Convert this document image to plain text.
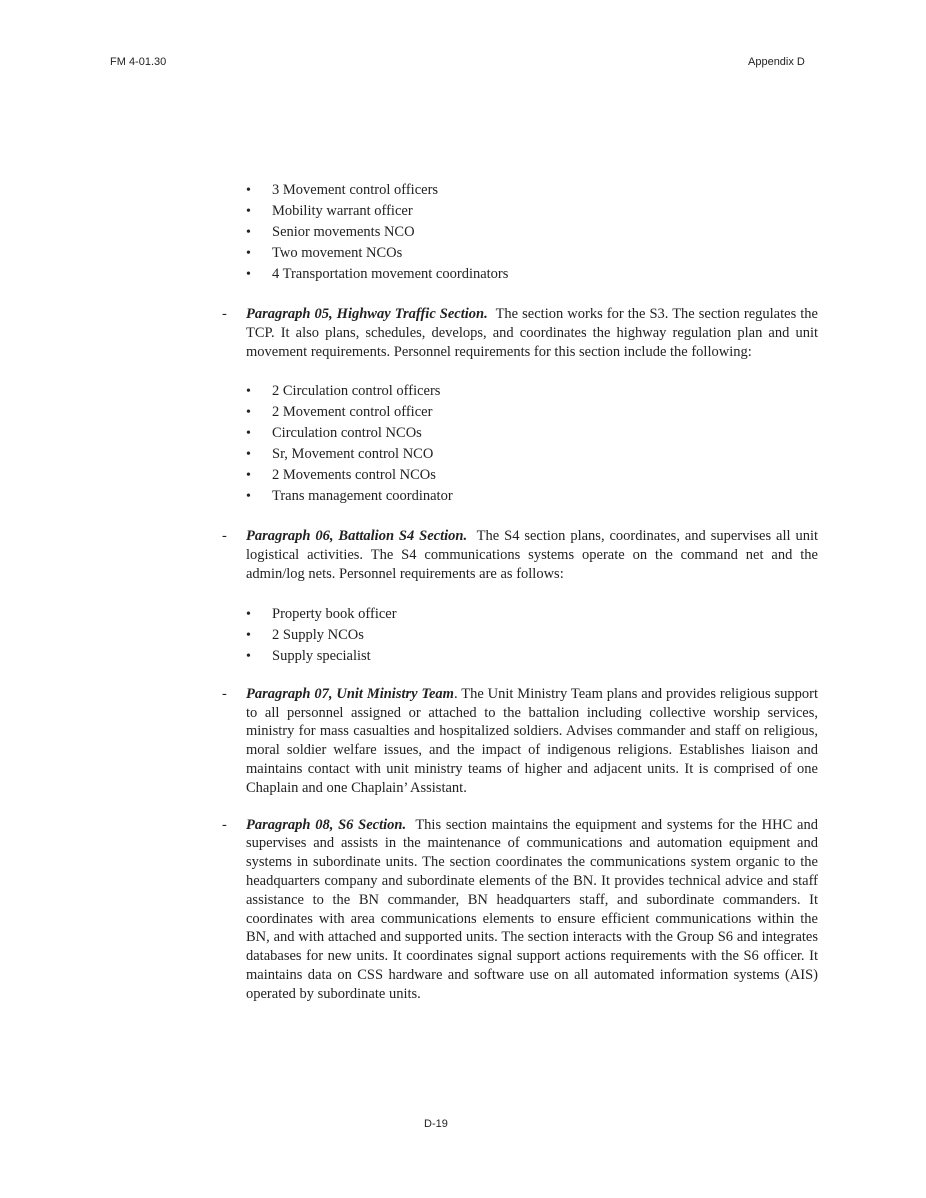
FM 4-01.30	Appendix D
• 3 Movement control officers
• Mobility warrant officer
• Senior movements NCO
• Two movement NCOs
• 4 Transportation movement coordinators
- Paragraph 05, Highway Traffic Section. The section works for the S3. The section regulates the TCP. It also plans, schedules, develops, and coordinates the highway regulation plan and unit movement requirements. Personnel requirements for this section include the following:
• 2 Circulation control officers
• 2 Movement control officer
• Circulation control NCOs
• Sr, Movement control NCO
• 2 Movements control NCOs
• Trans management coordinator
- Paragraph 06, Battalion S4 Section. The S4 section plans, coordinates, and supervises all unit logistical activities. The S4 communications systems operate on the command net and the admin/log nets. Personnel requirements are as follows:
• Property book officer
• 2 Supply NCOs
• Supply specialist
- Paragraph 07, Unit Ministry Team. The Unit Ministry Team plans and provides religious support to all personnel assigned or attached to the battalion including collective worship services, ministry for mass casualties and hospitalized soldiers. Advises commander and staff on religious, moral soldier welfare issues, and the impact of indigenous religions. Establishes liaison and maintains contact with unit ministry teams of higher and adjacent units. It is comprised of one Chaplain and one Chaplain’ Assistant.
- Paragraph 08, S6 Section. This section maintains the equipment and systems for the HHC and supervises and assists in the maintenance of communications and automation equipment and systems in subordinate units. The section coordinates the communications system organic to the headquarters company and subordinate elements of the BN. It provides technical advice and staff assistance to the BN commander, BN headquarters staff, and subordinate commanders. It coordinates with area communications elements to ensure efficient communications within the BN, and with attached and supported units. The section interacts with the Group S6 and integrates databases for new units. It coordinates signal support actions requirements with the S6 officer. It maintains data on CSS hardware and software use on all automated information systems (AIS) operated by subordinate units.
D-19
